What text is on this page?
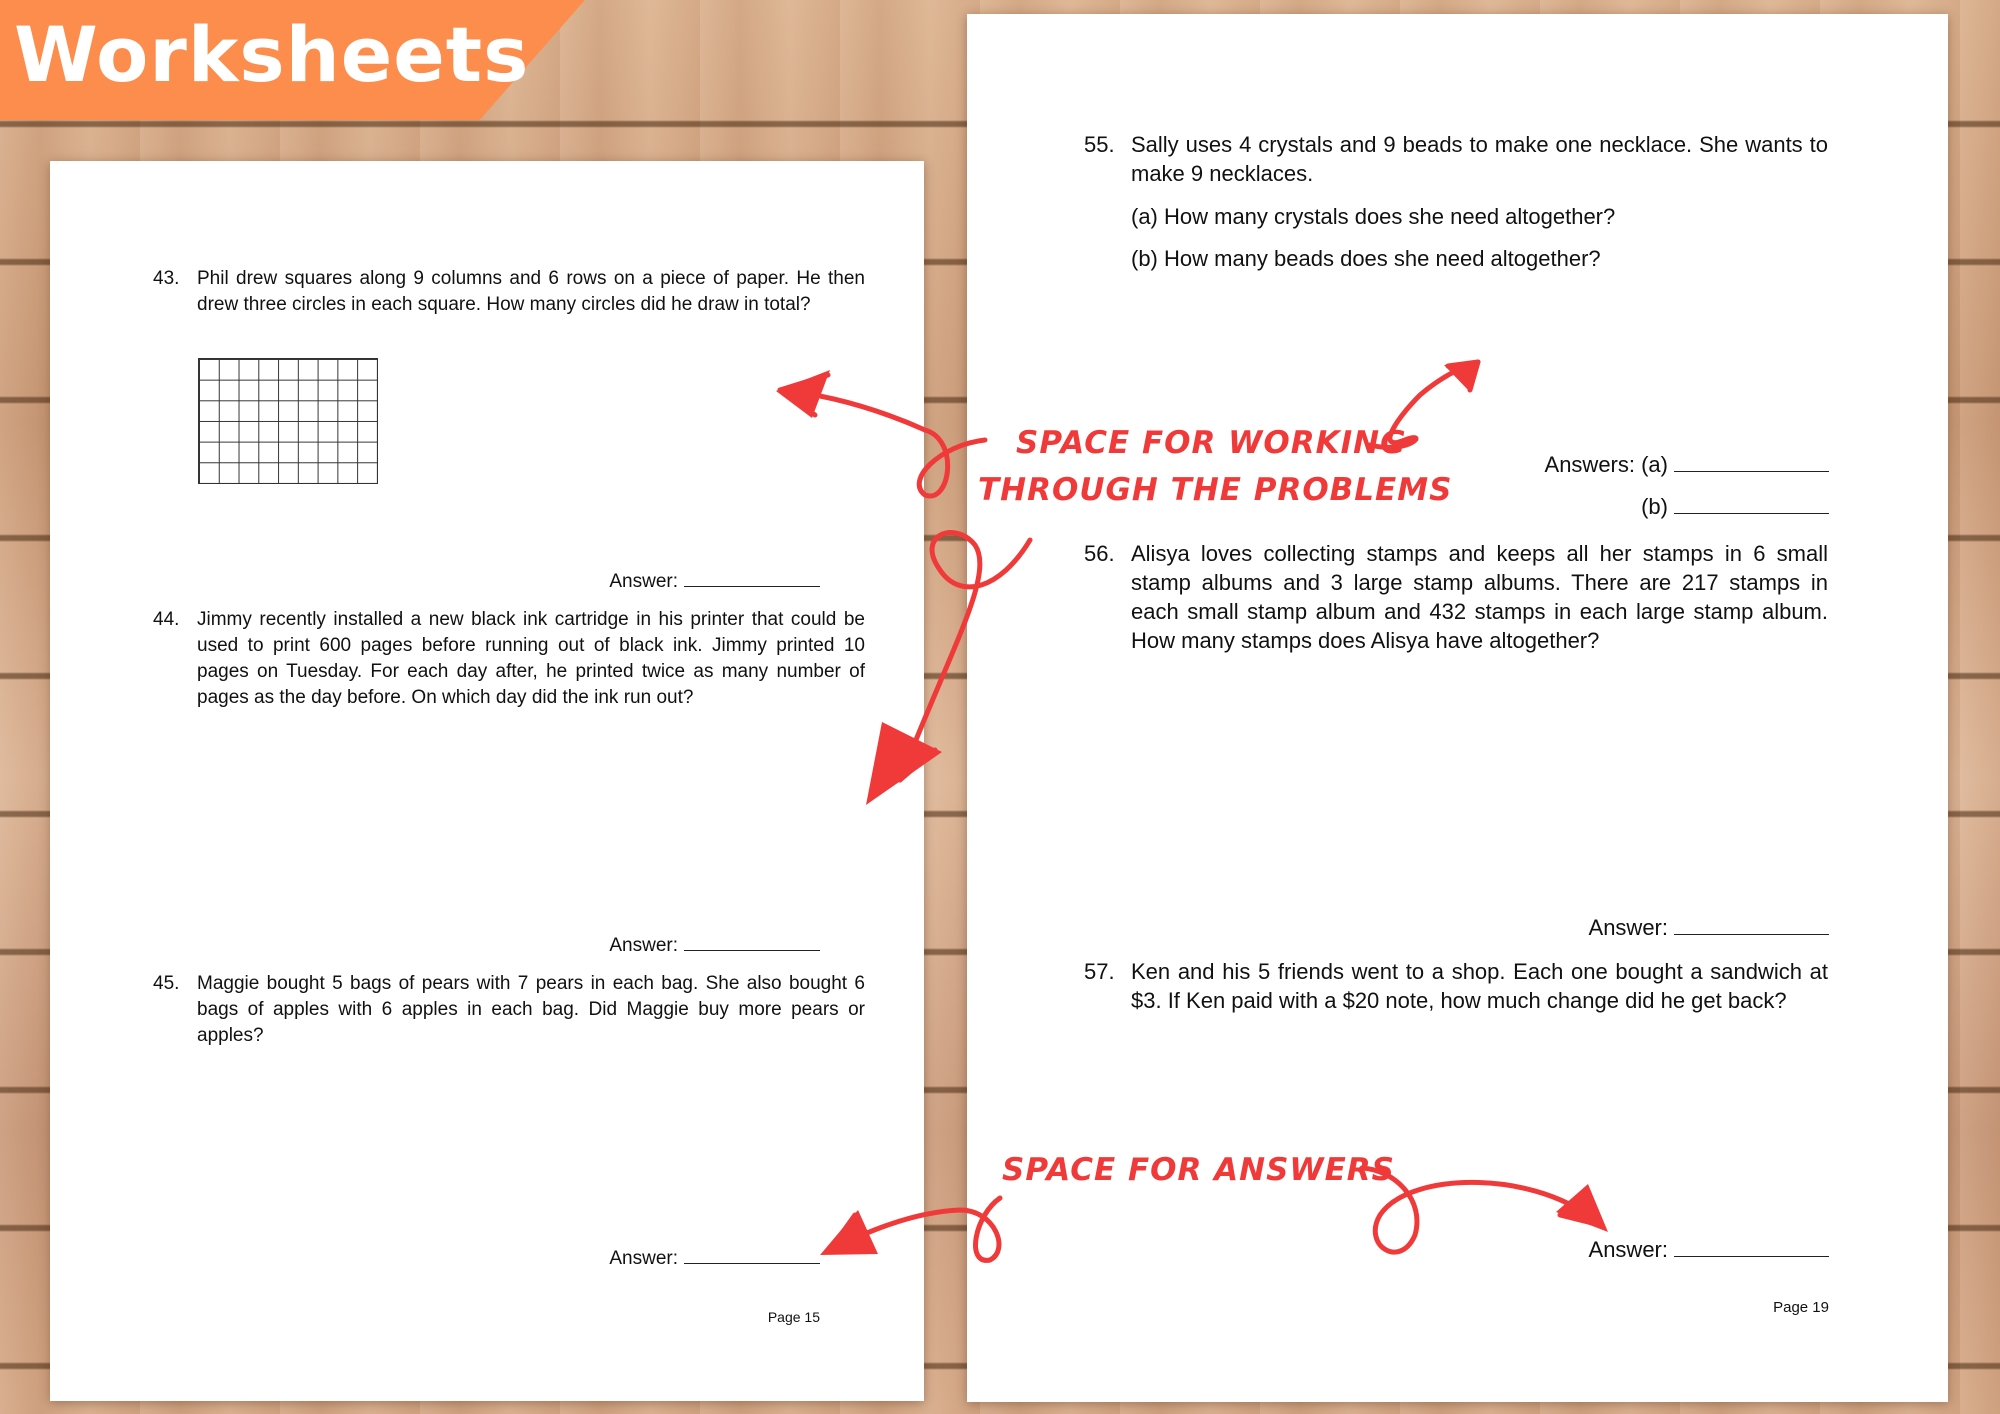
Worksheets
43. Phil drew squares along 9 columns and 6 rows on a piece of paper. He then drew three circles in each square. How many circles did he draw in total?
Answer:
44. Jimmy recently installed a new black ink cartridge in his printer that could be used to print 600 pages before running out of black ink. Jimmy printed 10 pages on Tuesday. For each day after, he printed twice as many number of pages as the day before. On which day did the ink run out?
Answer:
45. Maggie bought 5 bags of pears with 7 pears in each bag. She also bought 6 bags of apples with 6 apples in each bag. Did Maggie buy more pears or apples?
Answer:
Page 15
55. Sally uses 4 crystals and 9 beads to make one necklace. She wants to make 9 necklaces.
(a) How many crystals does she need altogether?
(b) How many beads does she need altogether?
Answers: (a)
(b)
56. Alisya loves collecting stamps and keeps all her stamps in 6 small stamp albums and 3 large stamp albums. There are 217 stamps in each small stamp album and 432 stamps in each large stamp album. How many stamps does Alisya have altogether?
Answer:
57. Ken and his 5 friends went to a shop. Each one bought a sandwich at $3. If Ken paid with a $20 note, how much change did he get back?
Answer:
Page 19
SPACE FOR WORKING
THROUGH THE PROBLEMS
SPACE FOR ANSWERS
